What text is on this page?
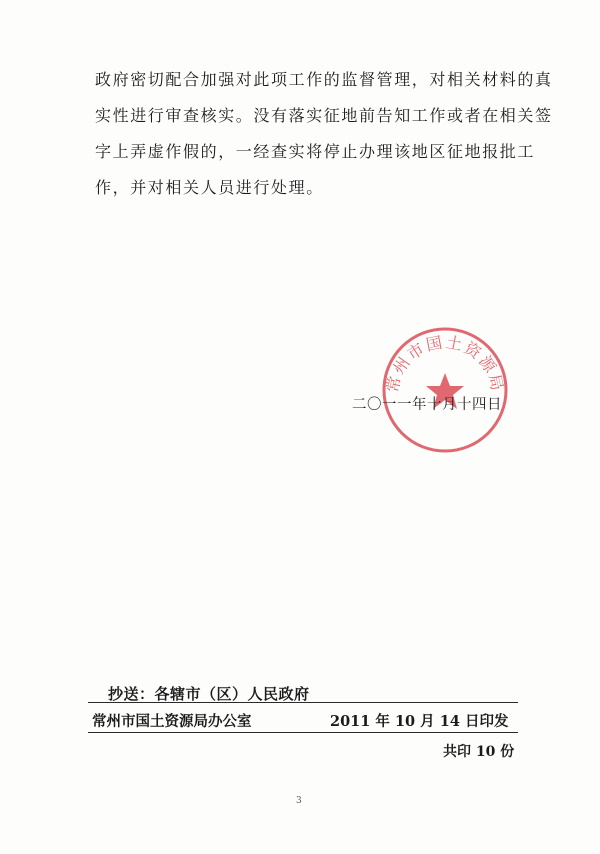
政府密切配合加强对此项工作的监督管理，对相关材料的真
实性进行审查核实。没有落实征地前告知工作或者在相关签
字上弄虚作假的，一经查实将停止办理该地区征地报批工
作，并对相关人员进行处理。
常州市国土资源局
二〇一一年十月十四日
抄送：各辖市（区）人民政府
常州市国土资源局办公室	2011 年 10 月 14 日印发
共印 10 份
3
